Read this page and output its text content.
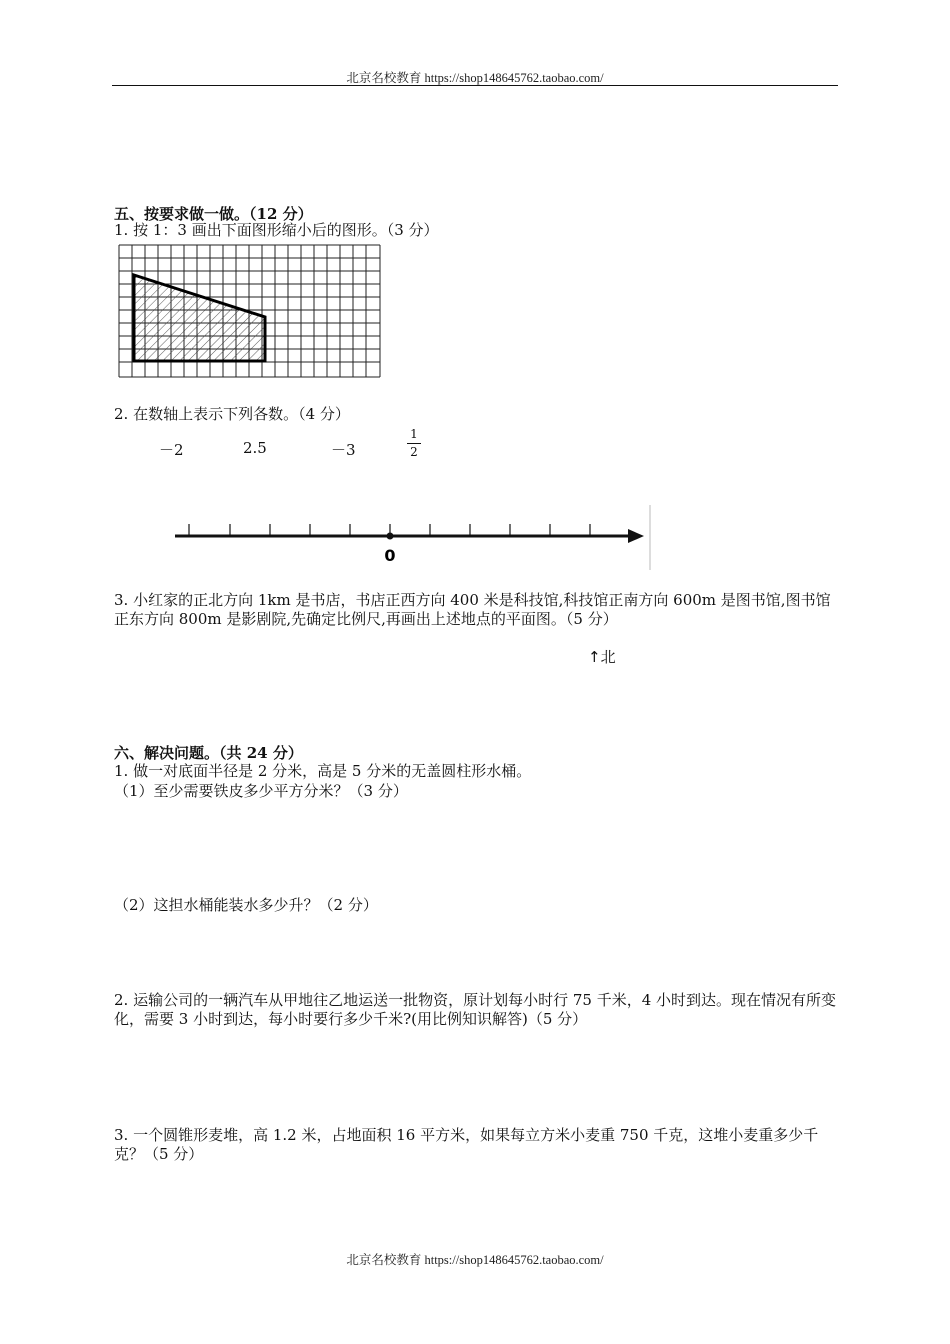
北京名校教育 https://shop148645762.taobao.com/
五、按要求做一做。（12 分）
1. 按 1：3 画出下面图形缩小后的图形。（3 分）
2. 在数轴上表示下列各数。（4 分）
－2	2.5	－3
1
2
0
3. 小红家的正北方向 1km 是书店，书店正西方向 400 米是科技馆,科技馆正南方向 600m 是图书馆,图书馆正东方向 800m 是影剧院,先确定比例尺,再画出上述地点的平面图。（5 分）
↑北
六、解决问题。（共 24 分）
1. 做一对底面半径是 2 分米，高是 5 分米的无盖圆柱形水桶。
（1）至少需要铁皮多少平方分米？（3 分）
（2）这担水桶能装水多少升？（2 分）
2. 运输公司的一辆汽车从甲地往乙地运送一批物资，原计划每小时行 75 千米，4 小时到达。现在情况有所变化，需要 3 小时到达，每小时要行多少千米?(用比例知识解答)（5 分）
3. 一个圆锥形麦堆，高 1.2 米，占地面积 16 平方米，如果每立方米小麦重 750 千克，这堆小麦重多少千克？（5 分）
北京名校教育 https://shop148645762.taobao.com/
